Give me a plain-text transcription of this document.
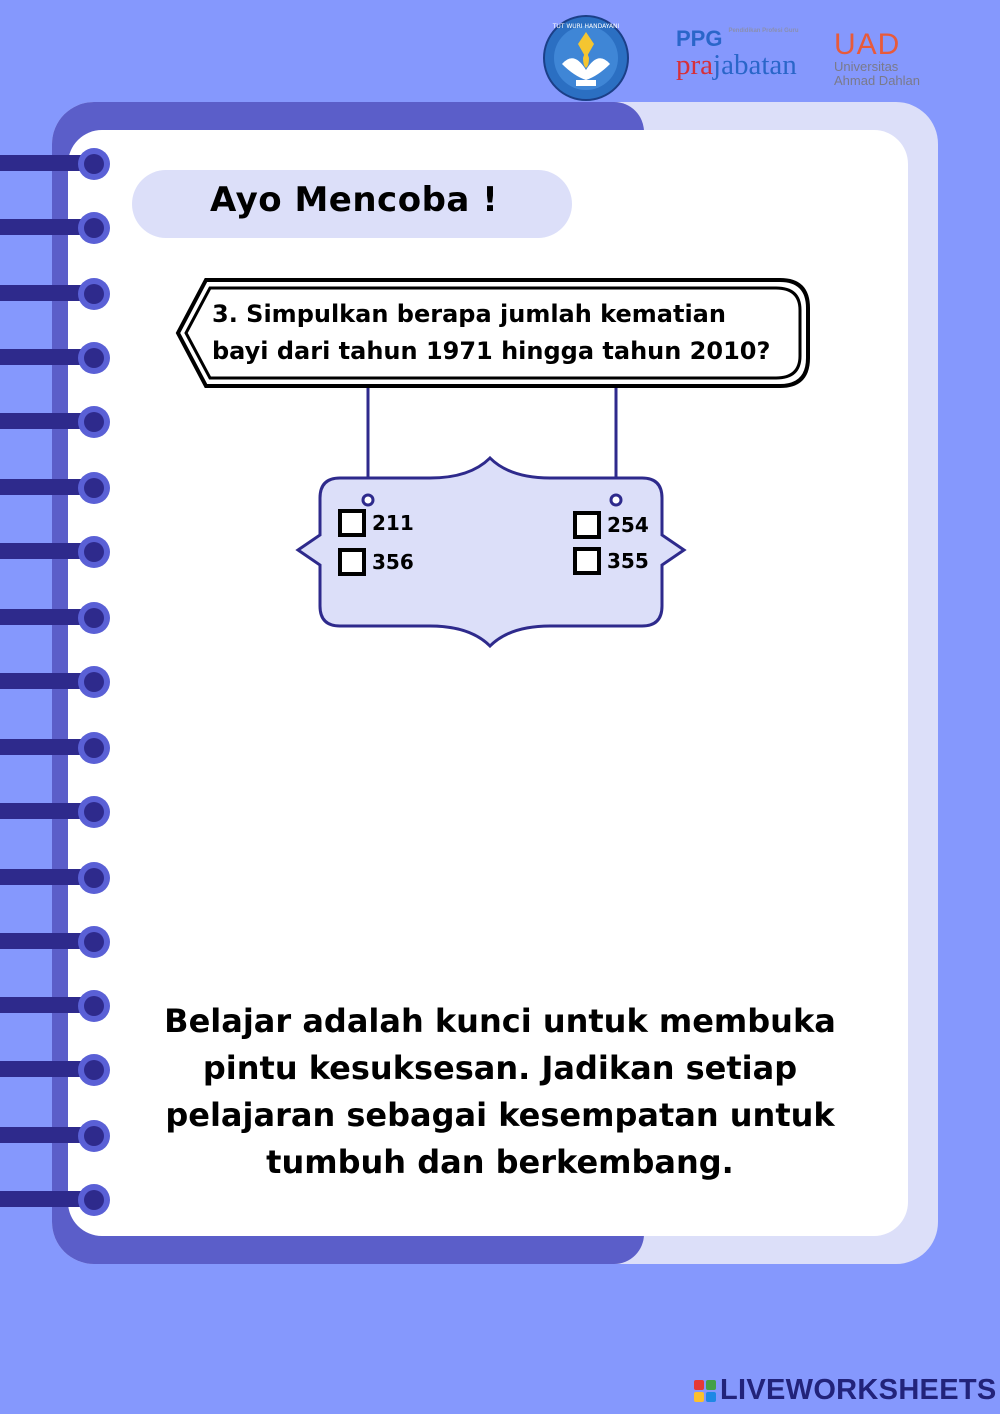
TUT WURI HANDAYANI	PPG Pendidikan Profesi Guru
prajabatan
UAD
Universitas
Ahmad Dahlan
Ayo Mencoba !
3. Simpulkan berapa jumlah kematian
bayi dari tahun 1971 hingga tahun 2010?
211
356
254
355
Belajar adalah kunci untuk membuka
pintu kesuksesan. Jadikan setiap
pelajaran sebagai kesempatan untuk
tumbuh dan berkembang.
LIVEWORKSHEETS
